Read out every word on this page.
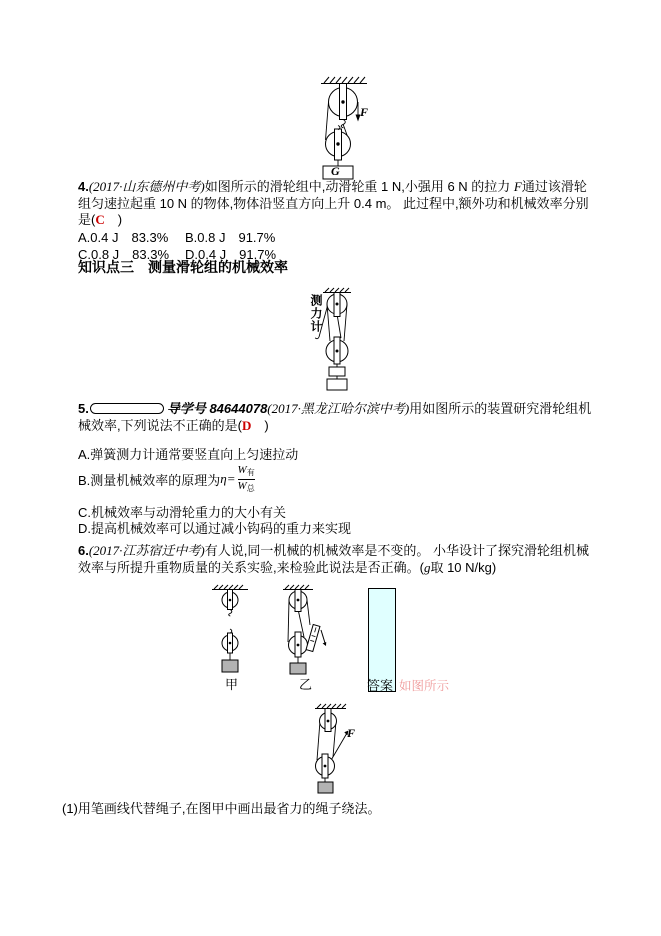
F
G

4.(2017·山东德州中考)如图所示的滑轮组中,动滑轮重 1 N,小强用 6 N 的拉力 F通过该滑轮组匀速拉起重 10 N 的物体,物体沿竖直方向上升 0.4 m。 此过程中,额外功和机械效率分别是(C　)

A.0.4 J　83.3% B.0.8 J　91.7%
C.0.8 J　83.3% D.0.4 J　91.7%
知识点三　测量滑轮组的机械效率
测力计

5.	导学号 84644078(2017·黑龙江哈尔滨中考)用如图所示的装置研究滑轮组机械效率,下列说法不正确的是(D　)

A.弹簧测力计通常要竖直向上匀速拉动
B.测量机械效率的原理为 $\eta= \frac{W_有}{W_总}$
C.机械效率与动滑轮重力的大小有关
D.提高机械效率可以通过减小钩码的重力来实现

6.(2017·江苏宿迁中考)有人说,同一机械的机械效率是不变的。 小华设计了探究滑轮组机械效率与所提升重物质量的关系实验,来检验此说法是否正确。(g取 10 N/kg)

甲	乙	答案 如图所示
F

(1)用笔画线代替绳子,在图甲中画出最省力的绳子绕法。
